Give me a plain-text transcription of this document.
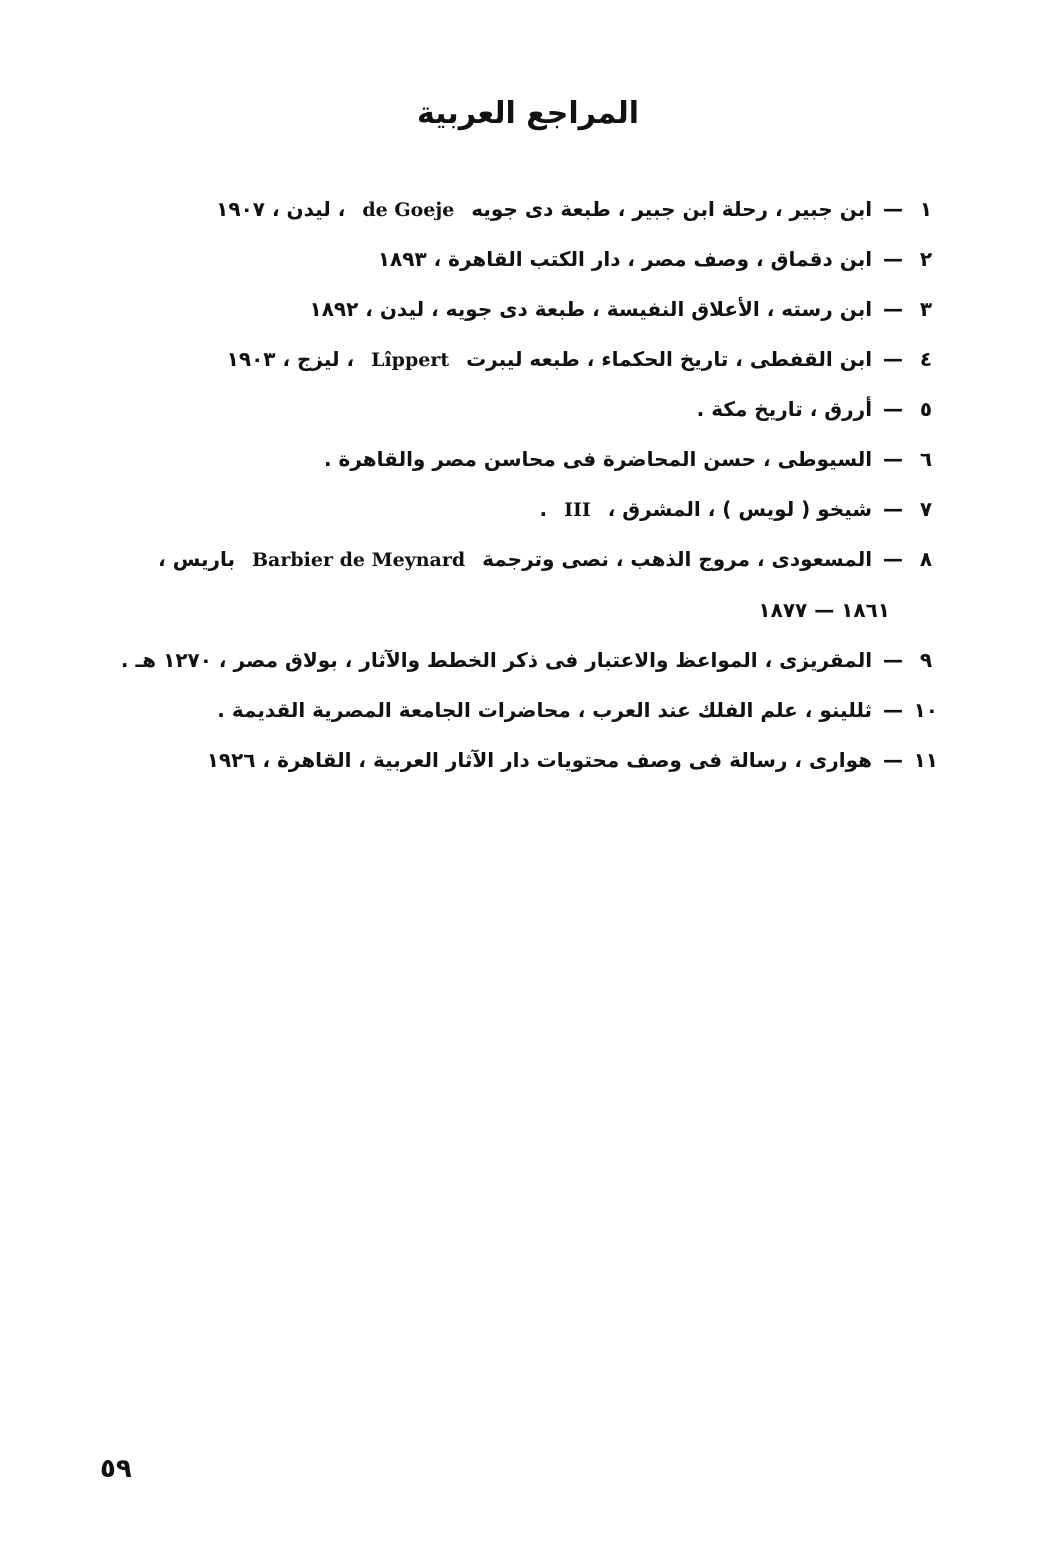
المراجع العربية
١ — ابن جبير ، رحلة ابن جبير ، طبعة دى جويه de Goeje ، ليدن ، ١٩٠٧
٢ — ابن دقماق ، وصف مصر ، دار الكتب القاهرة ، ١٨٩٣
٣ — ابن رسته ، الأعلاق النفيسة ، طبعة دى جويه ، ليدن ، ١٨٩٢
٤ — ابن القفطى ، تاريخ الحكماء ، طبعه ليبرت Lîppert ، ليزج ، ١٩٠٣
٥ — أررق ، تاريخ مكة .
٦ — السيوطى ، حسن المحاضرة فى محاسن مصر والقاهرة .
٧ — شيخو ( لويس ) ، المشرق ، III .
٨ — المسعودى ، مروج الذهب ، نصى وترجمة Barbier de Meynard باريس ،
١٨٦١ — ١٨٧٧
٩ — المقريزى ، المواعظ والاعتبار فى ذكر الخطط والآثار ، بولاق مصر ، ١٢٧٠ هـ .
١٠ — ثللينو ، علم الفلك عند العرب ، محاضرات الجامعة المصرية القديمة .
١١ — هوارى ، رسالة فى وصف محتويات دار الآثار العربية ، القاهرة ، ١٩٢٦
٥٩
